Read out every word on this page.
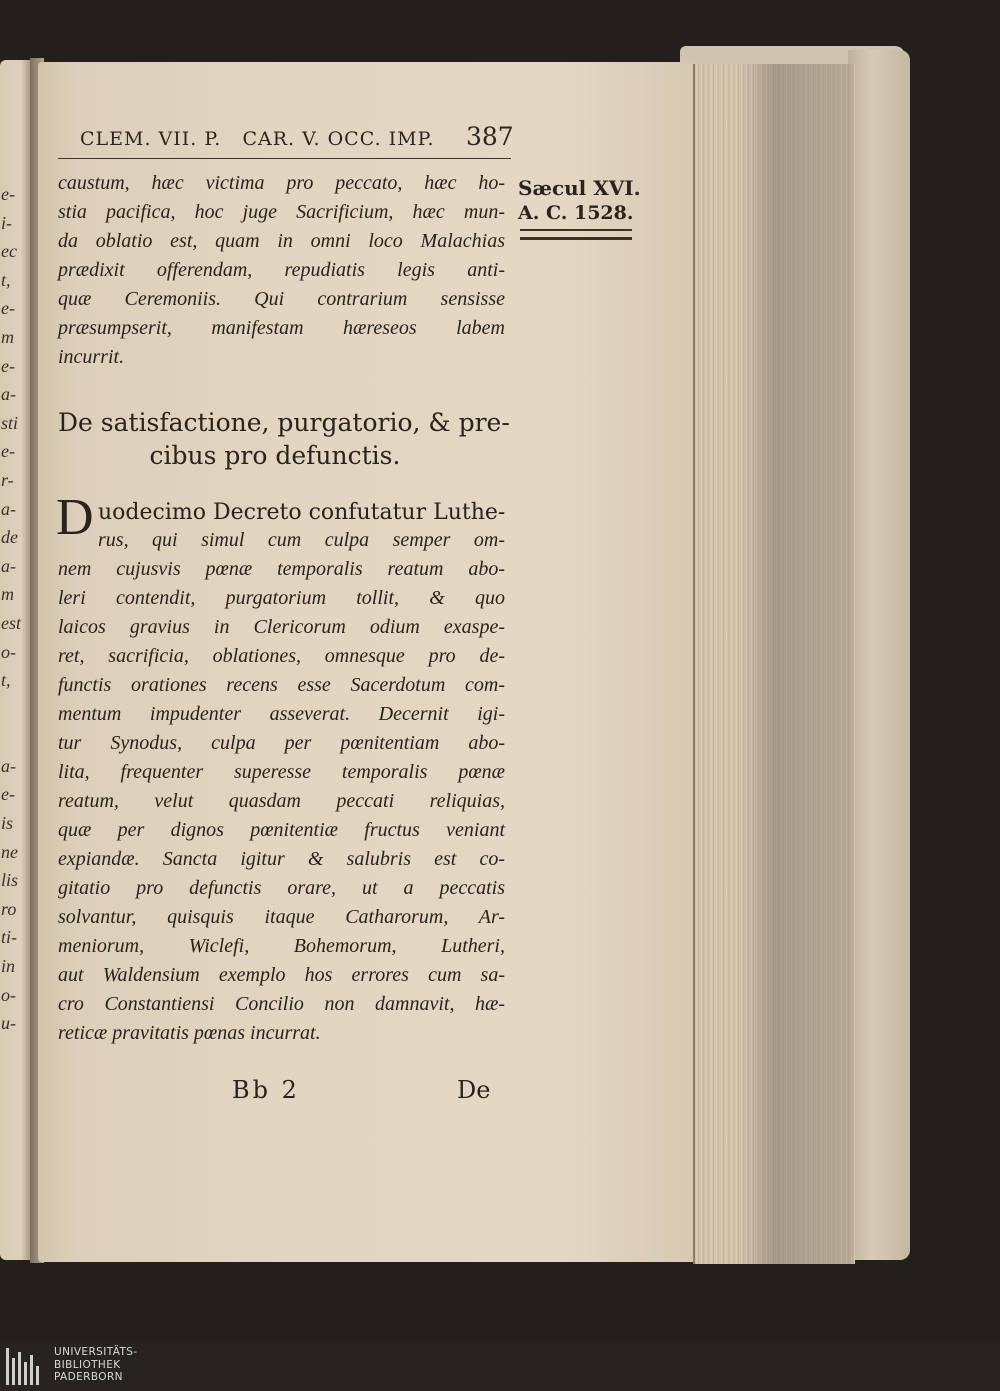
e-
i-
ec
t,
e-
m
e-
a-
sti
e-
r-
a-
de
a-
m
est
o-
t,
a-
e-
is
ne
lis
ro
ti-
in
o-
u-
CLEM. VII. P. CAR. V. OCC. IMP.	387
Sæcul XVI.
A. C. 1528.
caustum, hæc victima pro peccato, hæc ho-
stia pacifica, hoc juge Sacrificium, hæc mun-
da oblatio est, quam in omni loco Malachias
prædixit offerendam, repudiatis legis anti-
quæ Ceremoniis. Qui contrarium sensisse
præsumpserit, manifestam hæreseos labem
incurrit.
De satisfactione, purgatorio, & pre-
cibus pro defunctis.
D uodecimo Decreto confutatur Luthe-
rus, qui simul cum culpa semper om-
nem cujusvis pœnæ temporalis reatum abo-
leri contendit, purgatorium tollit, & quo
laicos gravius in Clericorum odium exaspe-
ret, sacrificia, oblationes, omnesque pro de-
functis orationes recens esse Sacerdotum com-
mentum impudenter asseverat. Decernit igi-
tur Synodus, culpa per pœnitentiam abo-
lita, frequenter superesse temporalis pœnæ
reatum, velut quasdam peccati reliquias,
quæ per dignos pœnitentiæ fructus veniant
expiandæ. Sancta igitur & salubris est co-
gitatio pro defunctis orare, ut a peccatis
solvantur, quisquis itaque Catharorum, Ar-
meniorum, Wiclefi, Bohemorum, Lutheri,
aut Waldensium exemplo hos errores cum sa-
cro Constantiensi Concilio non damnavit, hæ-
reticæ pravitatis pœnas incurrat.
Bb 2	De
UNIVERSITÄTS-
BIBLIOTHEK
PADERBORN
